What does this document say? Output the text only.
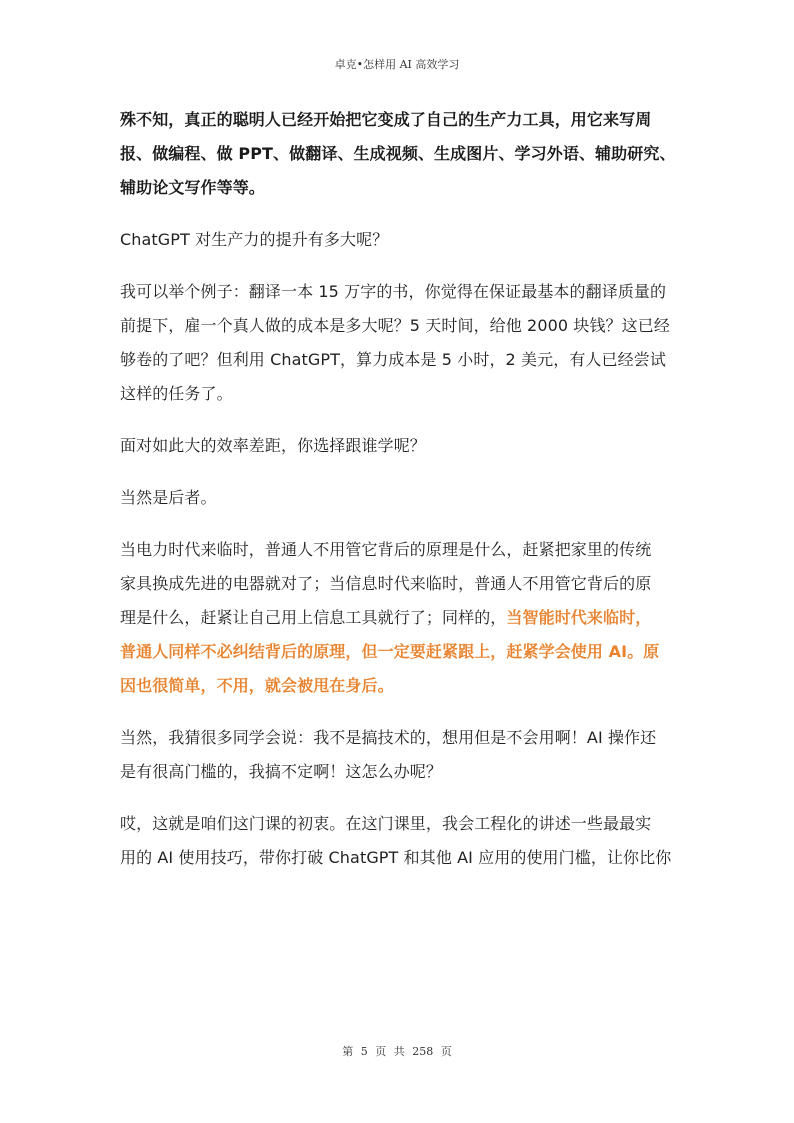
卓克•怎样用 AI 高效学习

殊不知，真正的聪明人已经开始把它变成了自己的生产力工具，用它来写周
报、做编程、做 PPT、做翻译、生成视频、生成图片、学习外语、辅助研究、
辅助论文写作等等。

ChatGPT 对生产力的提升有多大呢？

我可以举个例子：翻译一本 15 万字的书，你觉得在保证最基本的翻译质量的
前提下，雇一个真人做的成本是多大呢？5 天时间，给他 2000 块钱？这已经
够卷的了吧？但利用 ChatGPT，算力成本是 5 小时，2 美元，有人已经尝试
这样的任务了。

面对如此大的效率差距，你选择跟谁学呢？

当然是后者。

当电力时代来临时，普通人不用管它背后的原理是什么，赶紧把家里的传统
家具换成先进的电器就对了；当信息时代来临时，普通人不用管它背后的原
理是什么，赶紧让自己用上信息工具就行了；同样的，当智能时代来临时，
普通人同样不必纠结背后的原理，但一定要赶紧跟上，赶紧学会使用 AI。原
因也很简单，不用，就会被甩在身后。

当然，我猜很多同学会说：我不是搞技术的，想用但是不会用啊！AI 操作还
是有很高门槛的，我搞不定啊！这怎么办呢？

哎，这就是咱们这门课的初衷。在这门课里，我会工程化的讲述一些最最实
用的 AI 使用技巧，带你打破 ChatGPT 和其他 AI 应用的使用门槛，让你比你

第 5 页 共 258 页
